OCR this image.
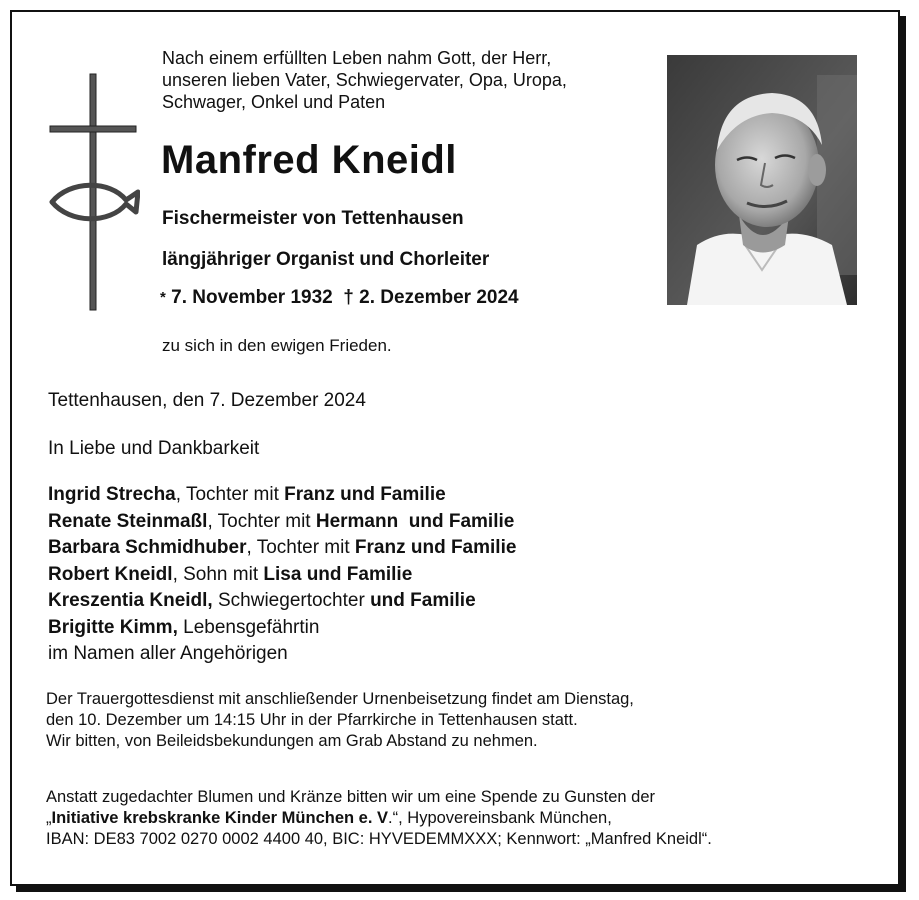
Nach einem erfüllten Leben nahm Gott, der Herr,
unseren lieben Vater, Schwiegervater, Opa, Uropa,
Schwager, Onkel und Paten
Manfred Kneidl
Fischermeister von Tettenhausen
längjähriger Organist und Chorleiter
* 7. November 1932 † 2. Dezember 2024
zu sich in den ewigen Frieden.
Tettenhausen, den 7. Dezember 2024
In Liebe und Dankbarkeit
Ingrid Strecha, Tochter mit Franz und Familie
Renate Steinmaßl, Tochter mit Hermann  und Familie
Barbara Schmidhuber, Tochter mit Franz und Familie
Robert Kneidl, Sohn mit Lisa und Familie
Kreszentia Kneidl, Schwiegertochter und Familie
Brigitte Kimm, Lebensgefährtin
im Namen aller Angehörigen
Der Trauergottesdienst mit anschließender Urnenbeisetzung findet am Dienstag,
den 10. Dezember um 14:15 Uhr in der Pfarrkirche in Tettenhausen statt.
Wir bitten, von Beileidsbekundungen am Grab Abstand zu nehmen.
Anstatt zugedachter Blumen und Kränze bitten wir um eine Spende zu Gunsten der
„Initiative krebskranke Kinder München e. V.“, Hypovereinsbank München,
IBAN: DE83 7002 0270 0002 4400 40, BIC: HYVEDEMMXXX; Kennwort: „Manfred Kneidl“.
